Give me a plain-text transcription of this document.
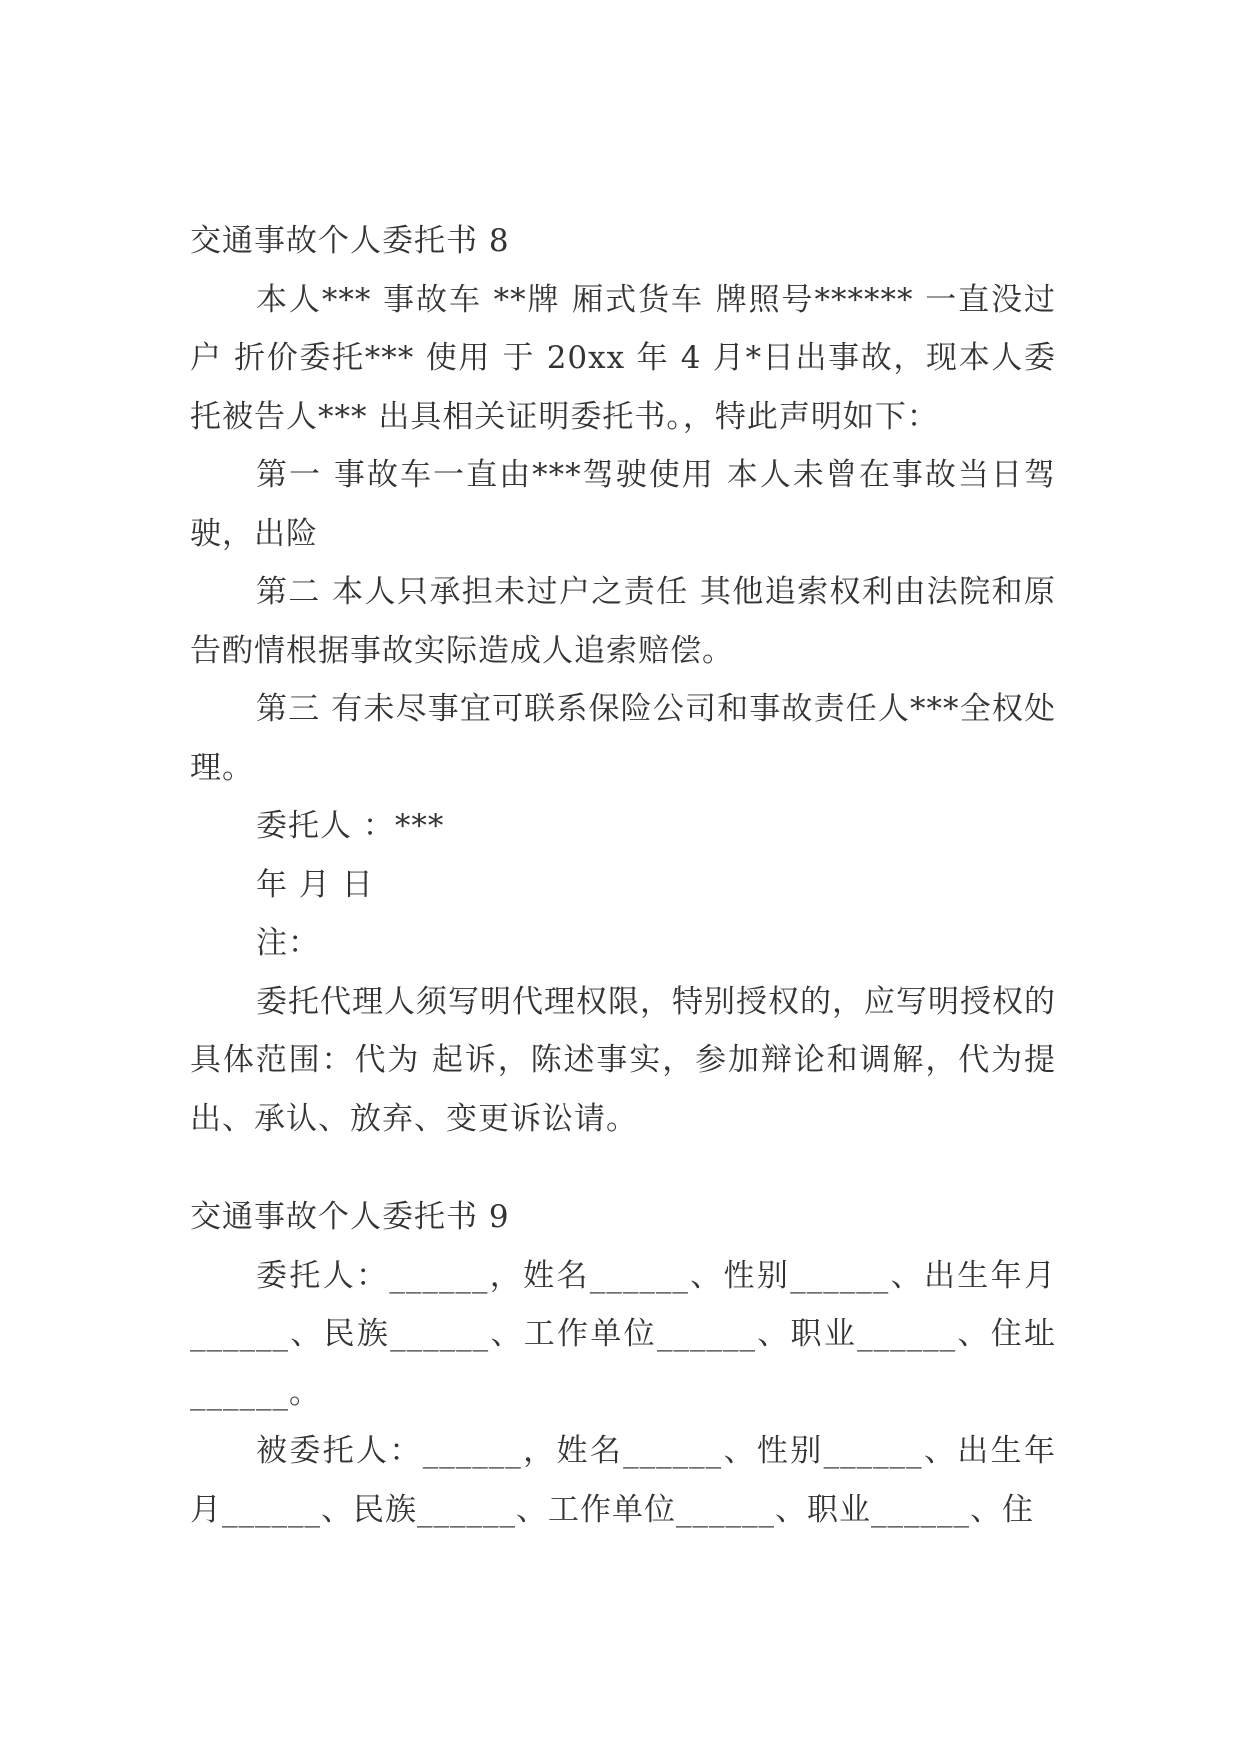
交通事故个人委托书 8

本人*** 事故车 **牌 厢式货车 牌照号****** 一直没过户 折价委托*** 使用 于 20xx 年 4 月*日出事故，现本人委托被告人*** 出具相关证明委托书。，特此声明如下：

第一 事故车一直由***驾驶使用 本人未曾在事故当日驾驶，出险

第二 本人只承担未过户之责任 其他追索权利由法院和原告酌情根据事故实际造成人追索赔偿。

第三 有未尽事宜可联系保险公司和事故责任人***全权处理。

委托人 ：***

年 月 日

注：

委托代理人须写明代理权限，特别授权的，应写明授权的具体范围：代为 起诉，陈述事实，参加辩论和调解，代为提出、承认、放弃、变更诉讼请。

交通事故个人委托书 9

委托人：______，姓名______、性别______、出生年月______、民族______、工作单位______、职业______、住址______。

被委托人：______，姓名______、性别______、出生年月______、民族______、工作单位______、职业______、住
